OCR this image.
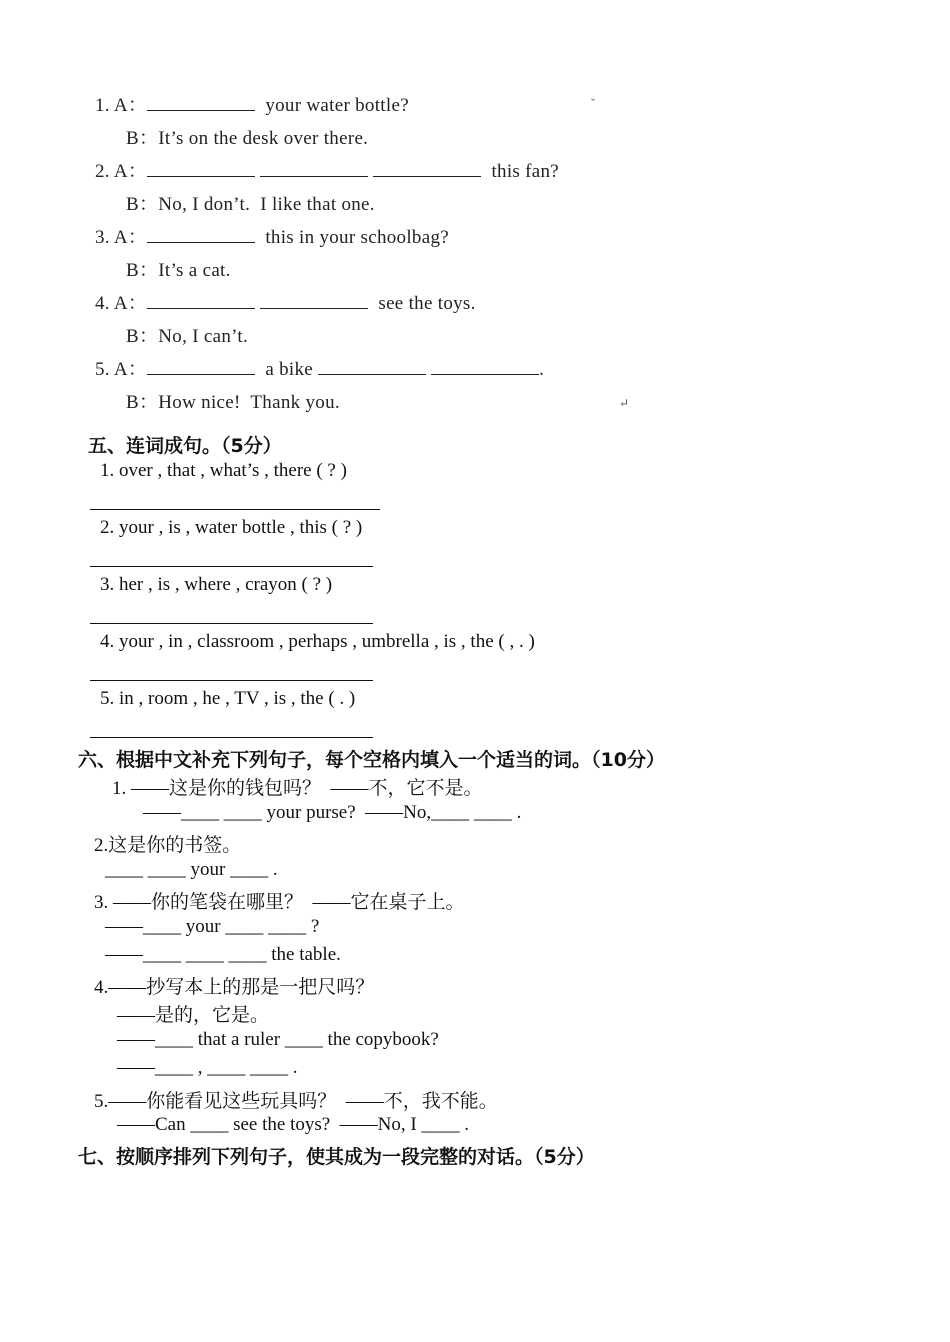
1. A：	your water bottle?
B：It’s on the desk over there.
2. A：	this fan?
B：No, I don’t.  I like that one.
3. A：	this in your schoolbag?
B：It’s a cat.
4. A：	see the toys.
B：No, I can’t.
5. A：	a bike	.
B：How nice!  Thank you.
ˇ
↵
五、连词成句。（5分）
1. over , that , what’s , there ( ? )
2. your , is , water bottle , this ( ? )
3. her , is , where , crayon ( ? )
4. your , in , classroom , perhaps , umbrella , is , the ( , . )
5. in , room , he , TV , is , the ( . )
六、根据中文补充下列句子，每个空格内填入一个适当的词。（10分）
1. ——这是你的钱包吗？  ——不，它不是。
——____ ____ your purse?  ——No,____ ____ .
2.这是你的书签。
____ ____ your ____ .
3. ——你的笔袋在哪里？  ——它在桌子上。
——____ your ____ ____ ?
——____ ____ ____ the table.
4.——抄写本上的那是一把尺吗？
——是的，它是。
——____ that a ruler ____ the copybook?
——____ , ____ ____ .
5.——你能看见这些玩具吗？  ——不，我不能。
——Can ____ see the toys?  ——No, I ____ .
七、按顺序排列下列句子，使其成为一段完整的对话。（5分）
